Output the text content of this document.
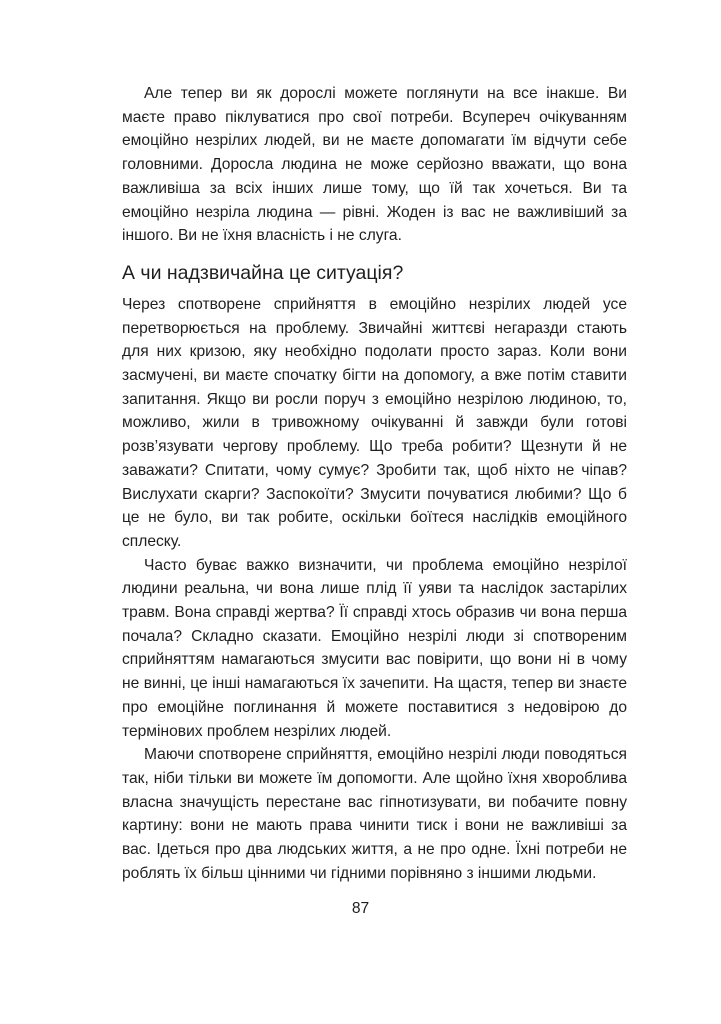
Але тепер ви як дорослі можете поглянути на все інакше. Ви маєте право піклуватися про свої потреби. Всупереч очікуванням емоційно незрілих людей, ви не маєте допомагати їм відчути себе головними. Доросла людина не може серйозно вважати, що вона важливіша за всіх інших лише тому, що їй так хочеться. Ви та емоційно незріла людина — рівні. Жоден із вас не важливіший за іншого. Ви не їхня власність і не слуга.

А чи надзвичайна це ситуація?

Через спотворене сприйняття в емоційно незрілих людей усе перетворюється на проблему. Звичайні життєві негаразди стають для них кризою, яку необхідно подолати просто зараз. Коли вони засмучені, ви маєте спочатку бігти на допомогу, а вже потім ставити запитання. Якщо ви росли поруч з емоційно незрілою людиною, то, можливо, жили в тривожному очікуванні й завжди були готові розв’язувати чергову проблему. Що треба робити? Щезнути й не заважати? Спитати, чому сумує? Зробити так, щоб ніхто не чіпав? Вислухати скарги? Заспокоїти? Змусити почуватися любими? Що б це не було, ви так робите, оскільки боїтеся наслідків емоційного сплеску.

Часто буває важко визначити, чи проблема емоційно незрілої людини реальна, чи вона лише плід її уяви та наслідок застарілих травм. Вона справді жертва? Її справді хтось образив чи вона перша почала? Складно сказати. Емоційно незрілі люди зі спотвореним сприйняттям намагаються змусити вас повірити, що вони ні в чому не винні, це інші намагаються їх зачепити. На щастя, тепер ви знаєте про емоційне поглинання й можете поставитися з недовірою до термінових проблем незрілих людей.

Маючи спотворене сприйняття, емоційно незрілі люди поводяться так, ніби тільки ви можете їм допомогти. Але щойно їхня хвороблива власна значущість перестане вас гіпнотизувати, ви побачите повну картину: вони не мають права чинити тиск і вони не важливіші за вас. Ідеться про два людських життя, а не про одне. Їхні потреби не роблять їх більш цінними чи гідними порівняно з іншими людьми.

87
